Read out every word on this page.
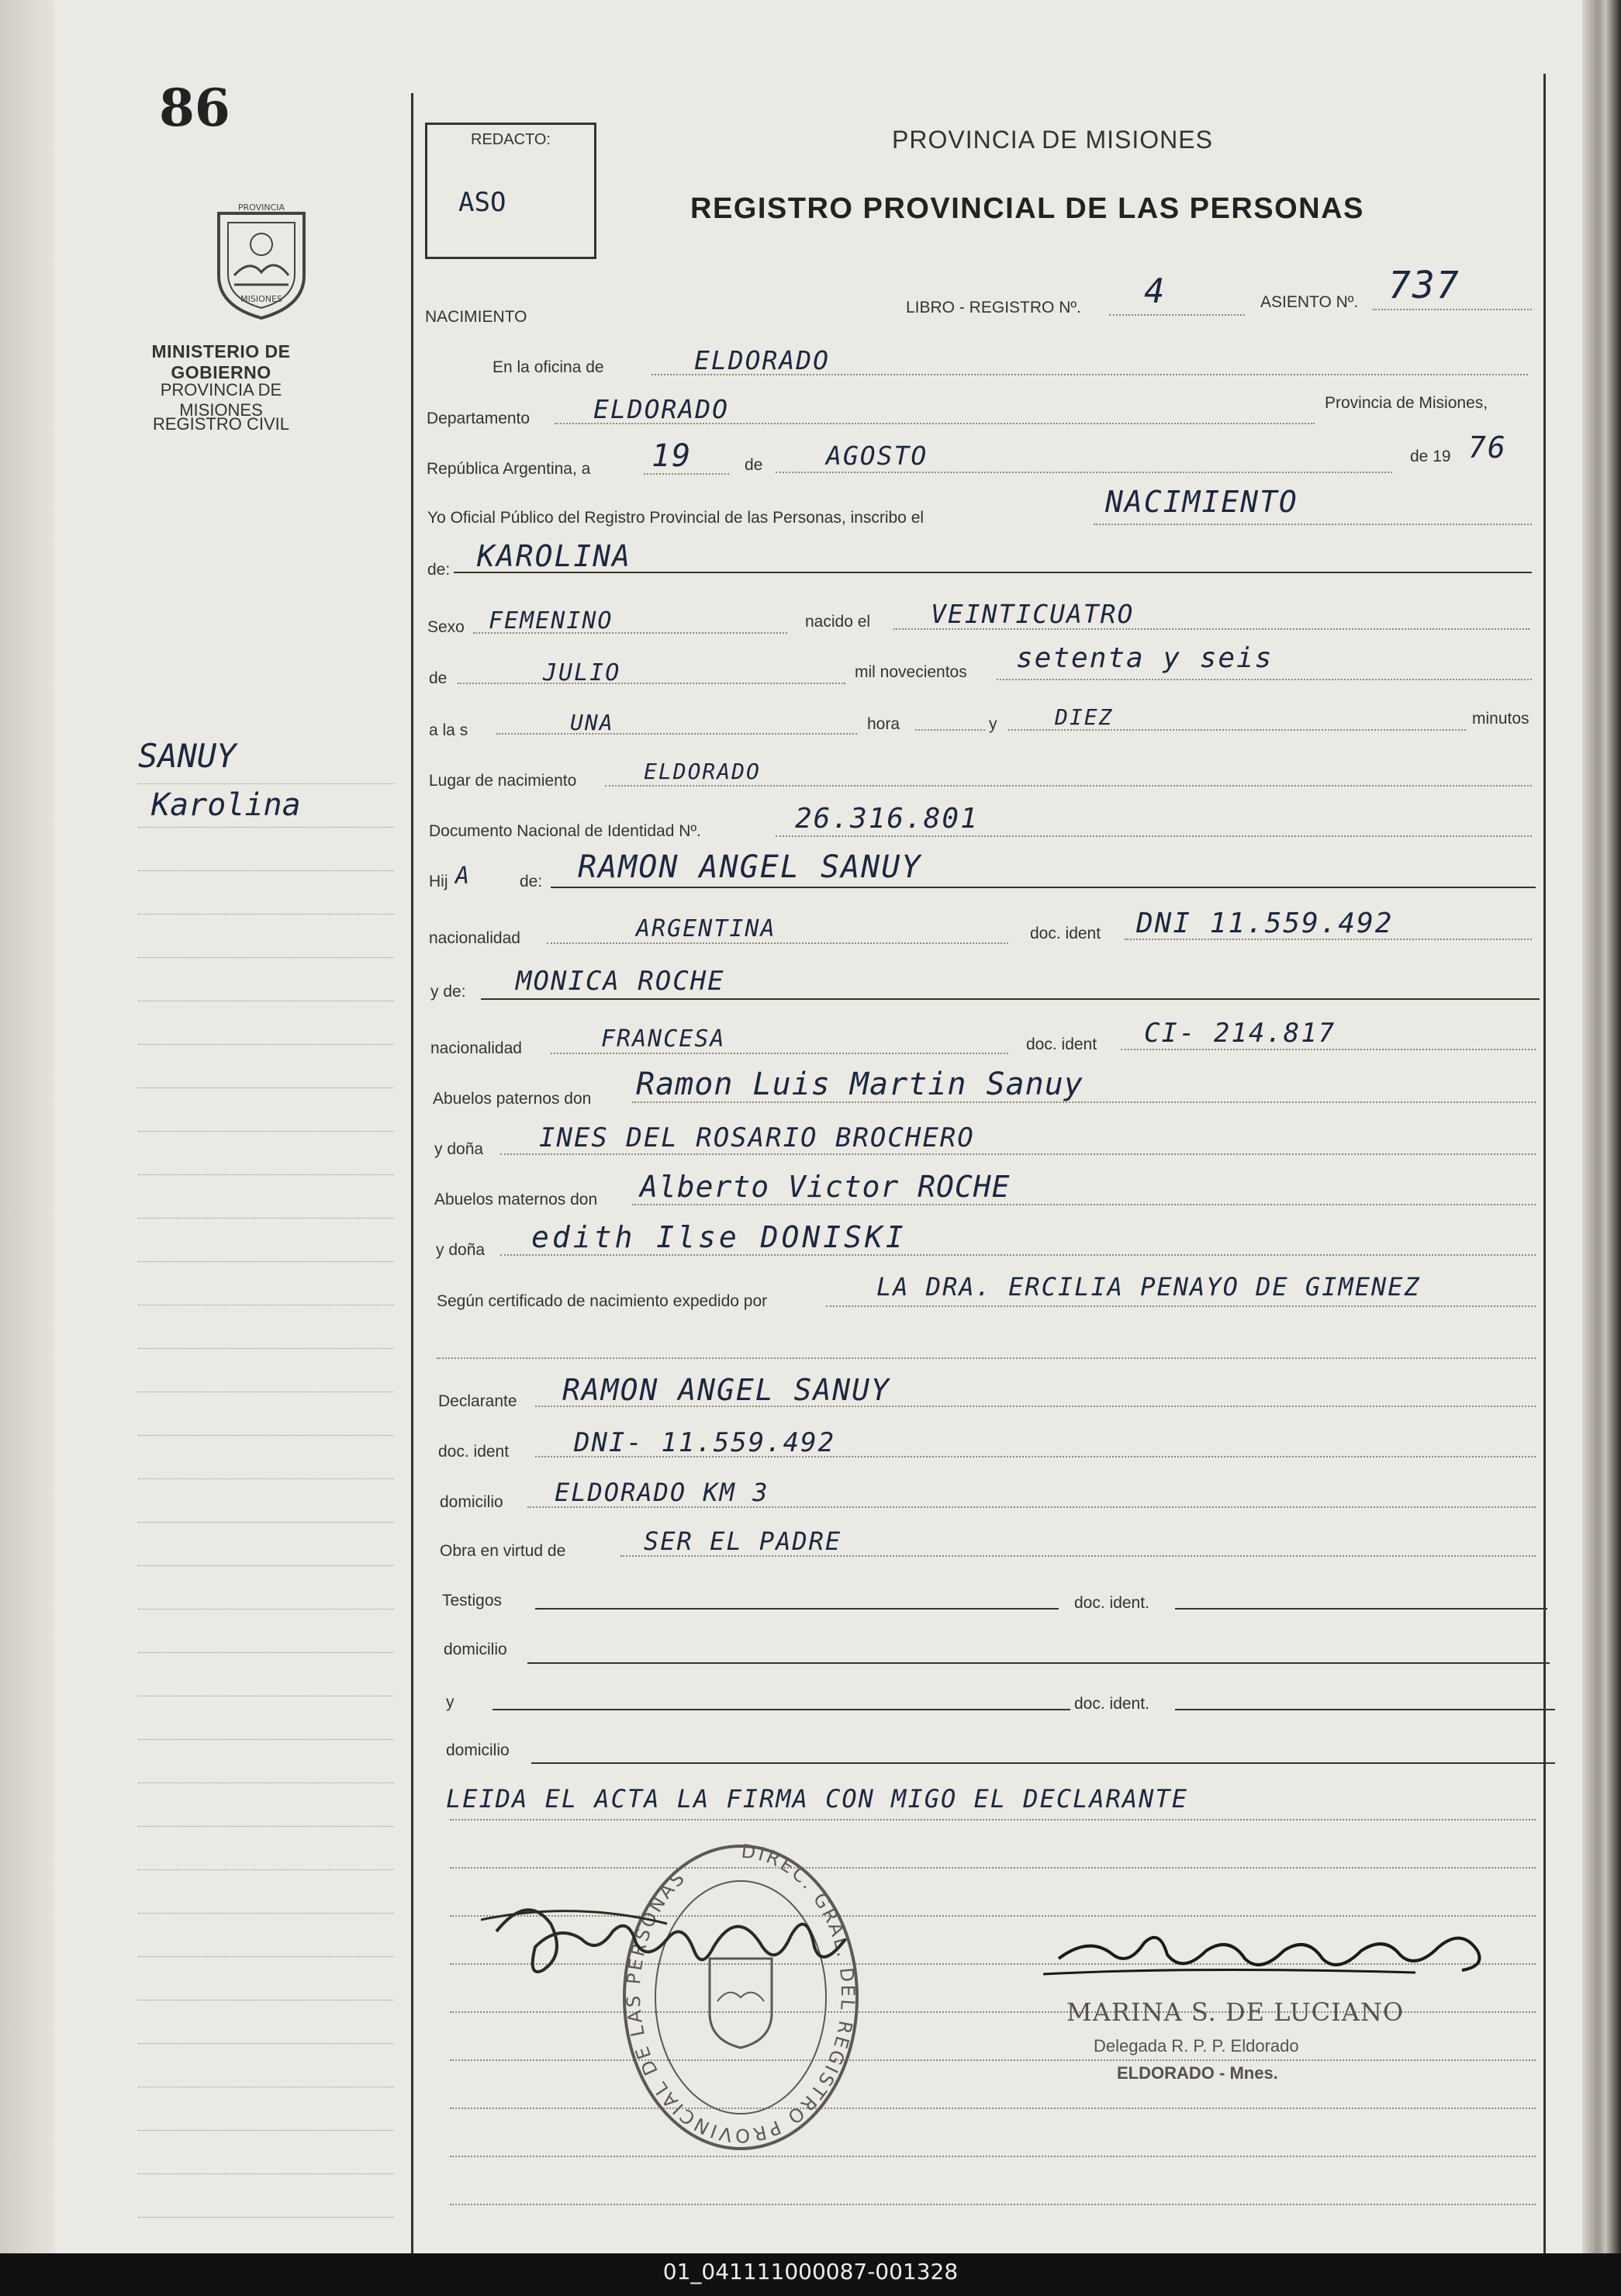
86
PROVINCIA
MISIONES
MINISTERIO DE GOBIERNO
PROVINCIA DE MISIONES
REGISTRO CIVIL
SANUY
Karolina
REDACTO:
ASO
PROVINCIA DE MISIONES
REGISTRO PROVINCIAL DE LAS PERSONAS
NACIMIENTO
LIBRO - REGISTRO Nº. 4	ASIENTO Nº. 737
En la oficina de	ELDORADO
Departamento ELDORADO	Provincia de Misiones,
República Argentina, a 19	de AGOSTO	de 19 76
Yo Oficial Público del Registro Provincial de las Personas, inscribo el	NACIMIENTO
de: KAROLINA
Sexo FEMENINO	nacido el VEINTICUATRO
de	JULIO	mil novecientos setenta y seis
a la s	UNA	hora	y	DIEZ	minutos
Lugar de nacimiento	ELDORADO
Documento Nacional de Identidad Nº.	26.316.801
Hij A	de: RAMON ANGEL SANUY
nacionalidad	ARGENTINA	doc. ident DNI 11.559.492
y de: MONICA ROCHE
nacionalidad	FRANCESA	doc. ident CI- 214.817
Abuelos paternos don Ramon Luis Martin Sanuy
y doña INES DEL ROSARIO BROCHERO
Abuelos maternos don Alberto Victor ROCHE
y doña edith Ilse DONISKI
Según certificado de nacimiento expedido por	LA DRA. ERCILIA PENAYO DE GIMENEZ
Declarante RAMON ANGEL SANUY
doc. ident DNI- 11.559.492
domicilio ELDORADO KM 3
Obra en virtud de	SER EL PADRE
Testigos	doc. ident.
domicilio
y	doc. ident.
domicilio
LEIDA EL ACTA LA FIRMA CON MIGO EL DECLARANTE
DIREC. GRAL. DEL REGISTRO PROVINCIAL DE LAS PERSONAS
MARINA S. DE LUCIANO
Delegada R. P. P. Eldorado
ELDORADO - Mnes.
01_041111000087-001328
